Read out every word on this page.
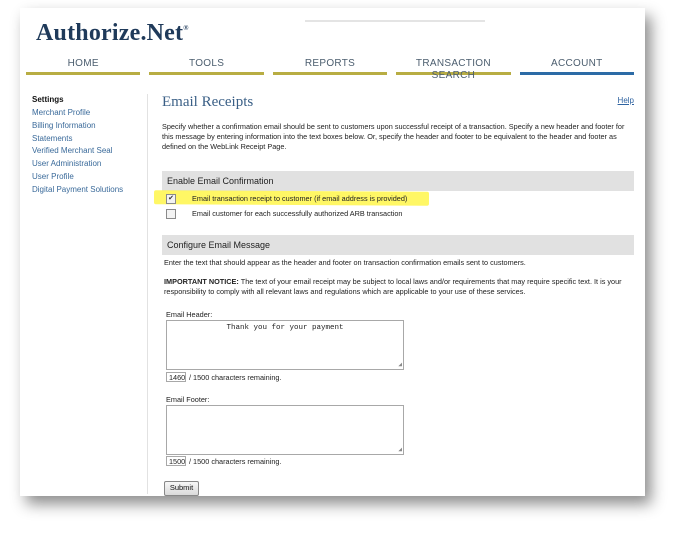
Authorize.Net®
HOME	TOOLS	REPORTS	TRANSACTION SEARCH
ACCOUNT
Settings
Merchant Profile
Billing Information
Statements
Verified Merchant Seal
User Administration
User Profile
Digital Payment Solutions
Email Receipts	Help
Specify whether a confirmation email should be sent to customers upon successful receipt of a transaction. Specify a new header and footer for this message by entering information into the text boxes below. Or, specify the header and footer to be equivalent to the header and footer as defined on the WebLink Receipt Page.
Enable Email Confirmation
✔ Email transaction receipt to customer (if email address is provided)
Email customer for each successfully authorized ARB transaction
Configure Email Message
Enter the text that should appear as the header and footer on transaction confirmation emails sent to customers.
IMPORTANT NOTICE: The text of your email receipt may be subject to local laws and/or requirements that may require specific text. It is your responsibility to comply with all relevant laws and regulations which are applicable to your use of these services.
Email Header:
Thank you for your payment
◢
1460 / 1500 characters remaining.
Email Footer:
◢
1500 / 1500 characters remaining.
Submit
